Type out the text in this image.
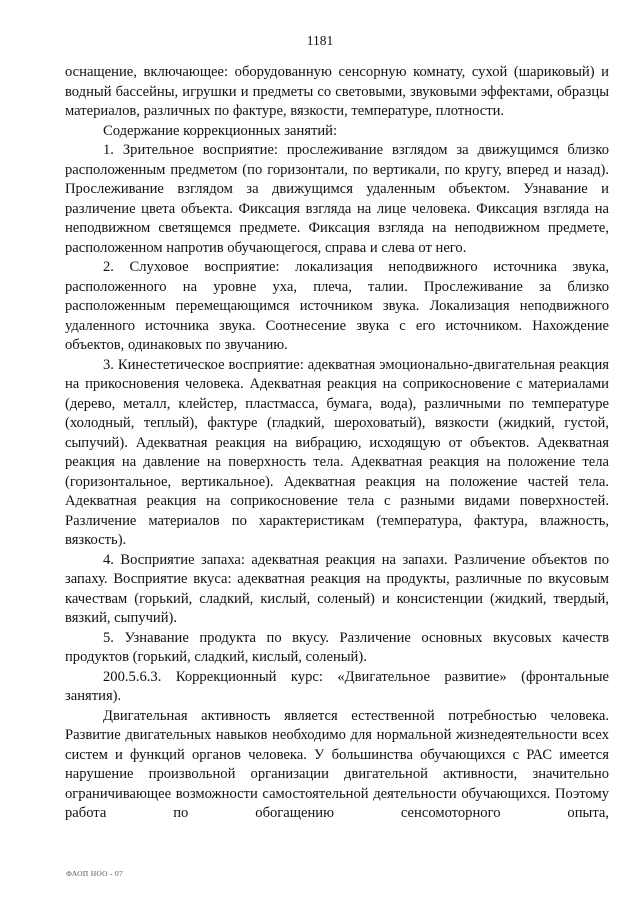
1181

оснащение, включающее: оборудованную сенсорную комнату, сухой (шариковый) и водный бассейны, игрушки и предметы со световыми, звуковыми эффектами, образцы материалов, различных по фактуре, вязкости, температуре, плотности.

Содержание коррекционных занятий:

1. Зрительное восприятие: прослеживание взглядом за движущимся близко расположенным предметом (по горизонтали, по вертикали, по кругу, вперед и назад). Прослеживание взглядом за движущимся удаленным объектом. Узнавание и различение цвета объекта. Фиксация взгляда на лице человека. Фиксация взгляда на неподвижном светящемся предмете. Фиксация взгляда на неподвижном предмете, расположенном напротив обучающегося, справа и слева от него.

2. Слуховое восприятие: локализация неподвижного источника звука, расположенного на уровне уха, плеча, талии. Прослеживание за близко расположенным перемещающимся источником звука. Локализация неподвижного удаленного источника звука. Соотнесение звука с его источником. Нахождение объектов, одинаковых по звучанию.

3. Кинестетическое восприятие: адекватная эмоционально-двигательная реакция на прикосновения человека. Адекватная реакция на соприкосновение с материалами (дерево, металл, клейстер, пластмасса, бумага, вода), различными по температуре (холодный, теплый), фактуре (гладкий, шероховатый), вязкости (жидкий, густой, сыпучий). Адекватная реакция на вибрацию, исходящую от объектов. Адекватная реакция на давление на поверхность тела. Адекватная реакция на положение тела (горизонтальное, вертикальное). Адекватная реакция на положение частей тела. Адекватная реакция на соприкосновение тела с разными видами поверхностей. Различение материалов по характеристикам (температура, фактура, влажность, вязкость).

4. Восприятие запаха: адекватная реакция на запахи. Различение объектов по запаху. Восприятие вкуса: адекватная реакция на продукты, различные по вкусовым качествам (горький, сладкий, кислый, соленый) и консистенции (жидкий, твердый, вязкий, сыпучий).

5. Узнавание продукта по вкусу. Различение основных вкусовых качеств продуктов (горький, сладкий, кислый, соленый).

200.5.6.3. Коррекционный курс: «Двигательное развитие» (фронтальные занятия).

Двигательная активность является естественной потребностью человека. Развитие двигательных навыков необходимо для нормальной жизнедеятельности всех систем и функций органов человека. У большинства обучающихся с РАС имеется нарушение произвольной организации двигательной активности, значительно ограничивающее возможности самостоятельной деятельности обучающихся. Поэтому работа по обогащению сенсомоторного опыта,

ФАОП НОО - 07
